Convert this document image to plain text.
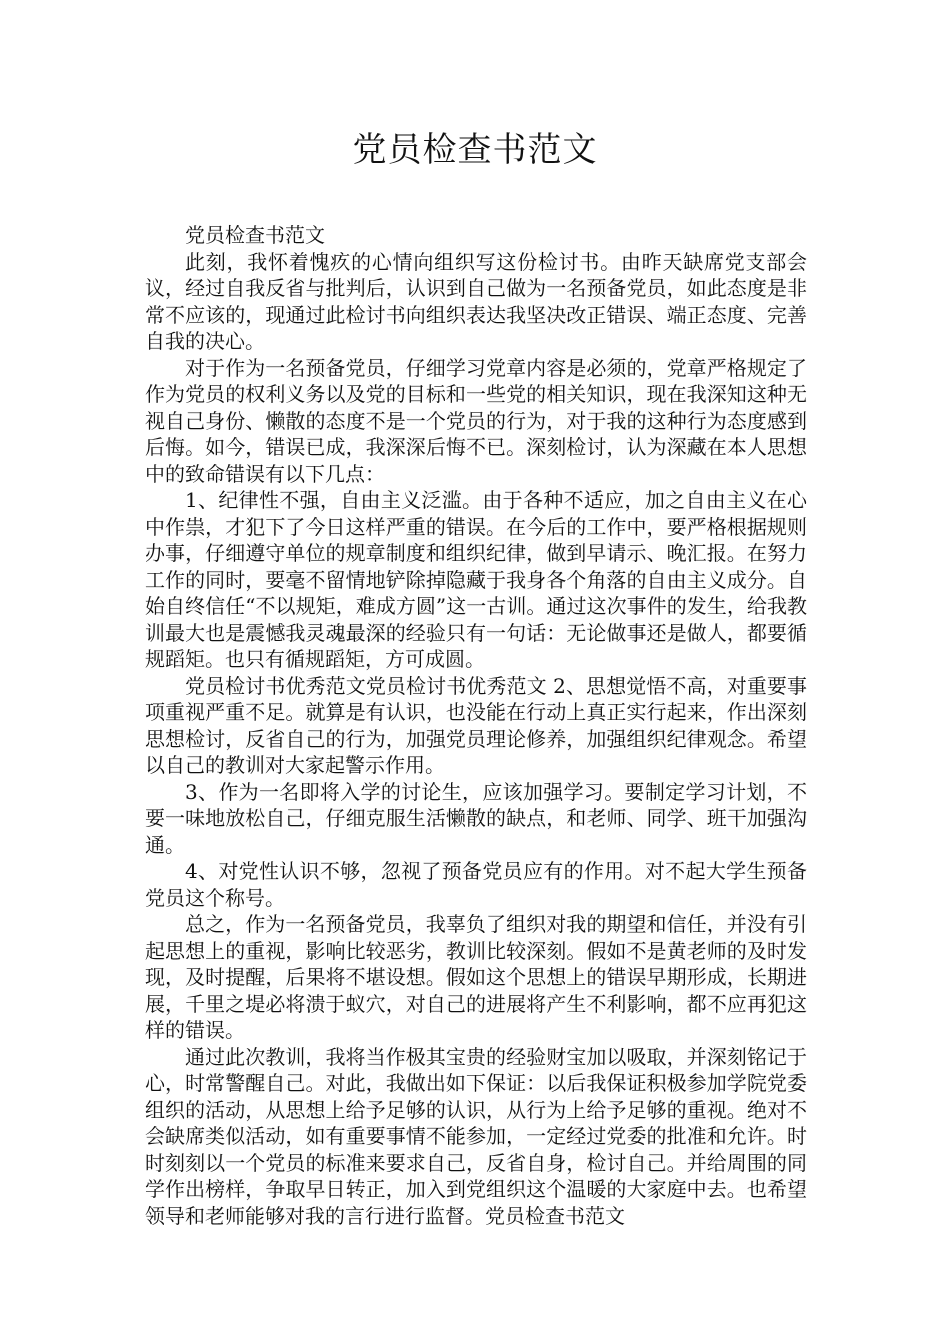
党员检查书范文

党员检查书范文

此刻，我怀着愧疚的心情向组织写这份检讨书。由昨天缺席党支部会议，经过自我反省与批判后，认识到自己做为一名预备党员，如此态度是非常不应该的，现通过此检讨书向组织表达我坚决改正错误、端正态度、完善自我的决心。

对于作为一名预备党员，仔细学习党章内容是必须的，党章严格规定了作为党员的权利义务以及党的目标和一些党的相关知识，现在我深知这种无视自己身份、懒散的态度不是一个党员的行为，对于我的这种行为态度感到后悔。如今，错误已成，我深深后悔不已。深刻检讨，认为深藏在本人思想中的致命错误有以下几点：

1、纪律性不强，自由主义泛滥。由于各种不适应，加之自由主义在心中作祟，才犯下了今日这样严重的错误。在今后的工作中，要严格根据规则办事，仔细遵守单位的规章制度和组织纪律，做到早请示、晚汇报。在努力工作的同时，要毫不留情地铲除掉隐藏于我身各个角落的自由主义成分。自始自终信任“不以规矩，难成方圆”这一古训。通过这次事件的发生，给我教训最大也是震憾我灵魂最深的经验只有一句话：无论做事还是做人，都要循规蹈矩。也只有循规蹈矩，方可成圆。

党员检讨书优秀范文党员检讨书优秀范文 2、思想觉悟不高，对重要事项重视严重不足。就算是有认识，也没能在行动上真正实行起来，作出深刻思想检讨，反省自己的行为，加强党员理论修养，加强组织纪律观念。希望以自己的教训对大家起警示作用。

3、作为一名即将入学的讨论生，应该加强学习。要制定学习计划，不要一味地放松自己，仔细克服生活懒散的缺点，和老师、同学、班干加强沟通。

4、对党性认识不够，忽视了预备党员应有的作用。对不起大学生预备党员这个称号。

总之，作为一名预备党员，我辜负了组织对我的期望和信任，并没有引起思想上的重视，影响比较恶劣，教训比较深刻。假如不是黄老师的及时发现，及时提醒，后果将不堪设想。假如这个思想上的错误早期形成，长期进展，千里之堤必将溃于蚁穴，对自己的进展将产生不利影响，都不应再犯这样的错误。

通过此次教训，我将当作极其宝贵的经验财宝加以吸取，并深刻铭记于心，时常警醒自己。对此，我做出如下保证：以后我保证积极参加学院党委组织的活动，从思想上给予足够的认识，从行为上给予足够的重视。绝对不会缺席类似活动，如有重要事情不能参加，一定经过党委的批准和允许。时时刻刻以一个党员的标准来要求自己，反省自身，检讨自己。并给周围的同学作出榜样，争取早日转正，加入到党组织这个温暖的大家庭中去。也希望领导和老师能够对我的言行进行监督。党员检查书范文
